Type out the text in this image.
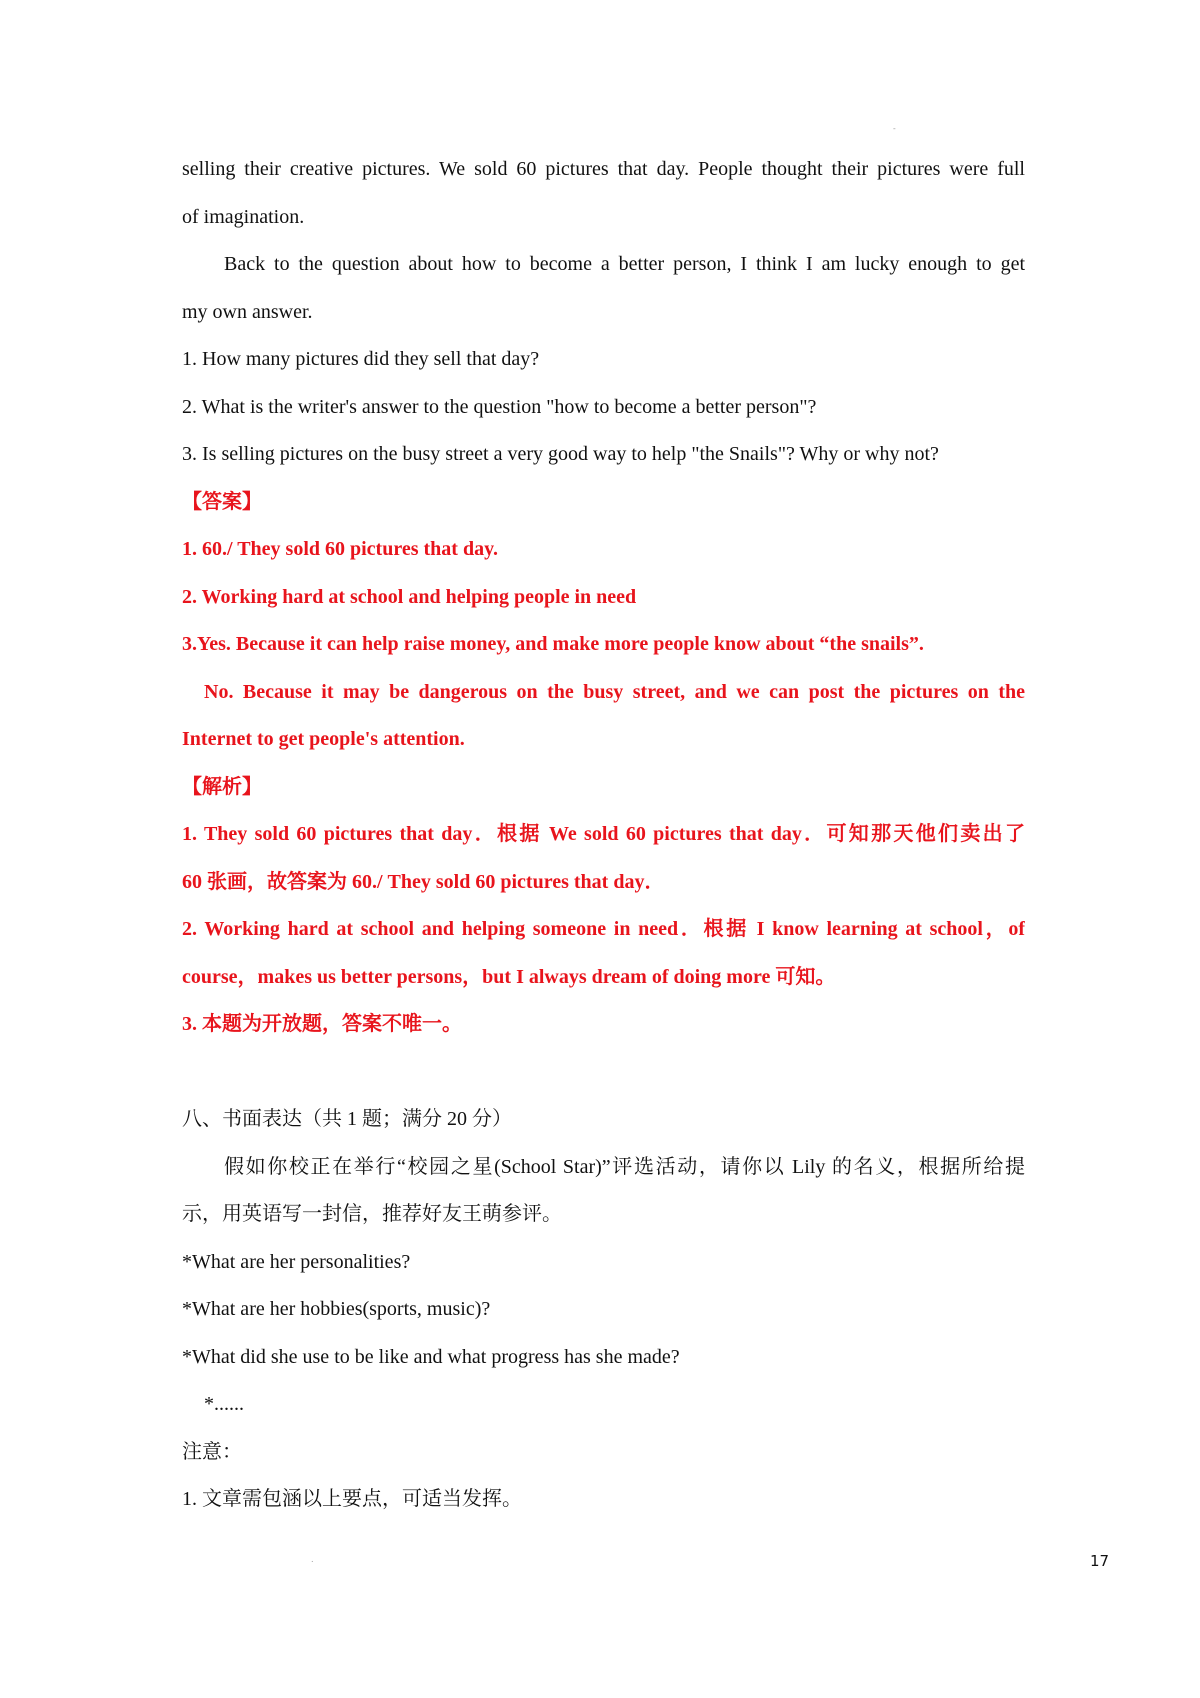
-
selling their creative pictures. We sold 60 pictures that day. People thought their pictures were full
of imagination.
Back to the question about how to become a better person, I think I am lucky enough to get
my own answer.
1. How many pictures did they sell that day?
2. What is the writer's answer to the question "how to become a better person"?
3. Is selling pictures on the busy street a very good way to help "the Snails"? Why or why not?
【答案】
1. 60./ They sold 60 pictures that day.
2. Working hard at school and helping people in need
3.Yes. Because it can help raise money, and make more people know about “the snails”.
No. Because it may be dangerous on the busy street, and we can post the pictures on the
Internet to get people's attention.
【解析】
1. They sold 60 pictures that day．根据 We sold 60 pictures that day．可知那天他们卖出了
60 张画，故答案为 60./ They sold 60 pictures that day．
2. Working hard at school and helping someone in need．根据 I know learning at school，of
course，makes us better persons，but I always dream of doing more 可知。
3. 本题为开放题，答案不唯一。
八、书面表达（共 1 题；满分 20 分）
假如你校正在举行“校园之星(School Star)”评选活动，请你以 Lily 的名义，根据所给提
示，用英语写一封信，推荐好友王萌参评。
*What are her personalities?
*What are her hobbies(sports, music)?
*What did she use to be like and what progress has she made?
*......
注意：
1. 文章需包涵以上要点，可适当发挥。
.	17
